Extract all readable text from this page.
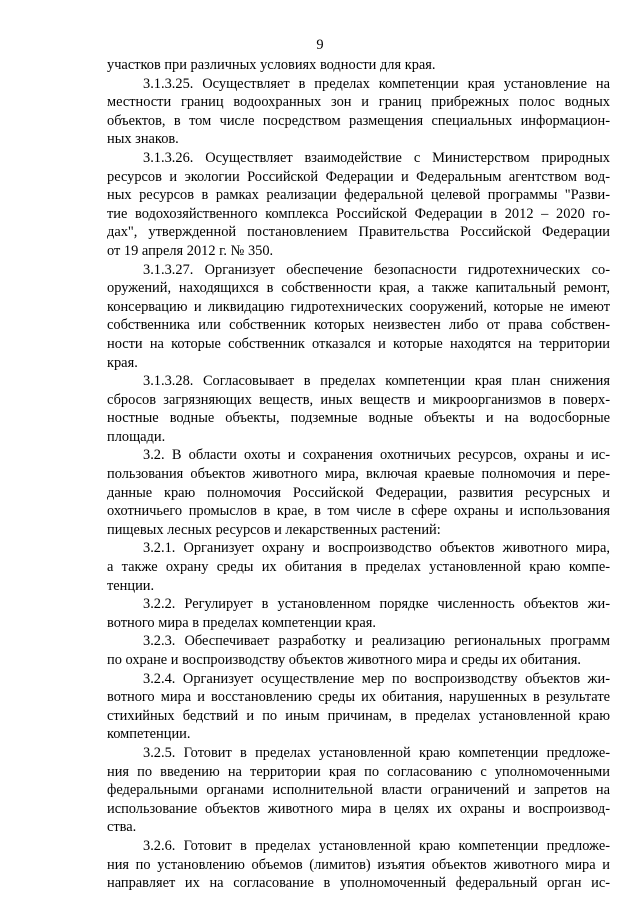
9
участков при различных условиях водности для края.
3.1.3.25. Осуществляет в пределах компетенции края установление на
местности границ водоохранных зон и границ прибрежных полос водных
объектов, в том числе посредством размещения специальных информацион-
ных знаков.
3.1.3.26. Осуществляет взаимодействие с Министерством природных
ресурсов и экологии Российской Федерации и Федеральным агентством вод-
ных ресурсов в рамках реализации федеральной целевой программы "Разви-
тие водохозяйственного комплекса Российской Федерации в 2012 – 2020 го-
дах", утвержденной постановлением Правительства Российской Федерации
от 19 апреля 2012 г. № 350.
3.1.3.27. Организует обеспечение безопасности гидротехнических со-
оружений, находящихся в собственности края, а также капитальный ремонт,
консервацию и ликвидацию гидротехнических сооружений, которые не имеют
собственника или собственник которых неизвестен либо от права собствен-
ности на которые собственник отказался и которые находятся на территории
края.
3.1.3.28. Согласовывает в пределах компетенции края план снижения
сбросов загрязняющих веществ, иных веществ и микроорганизмов в поверх-
ностные водные объекты, подземные водные объекты и на водосборные
площади.
3.2. В области охоты и сохранения охотничьих ресурсов, охраны и ис-
пользования объектов животного мира, включая краевые полномочия и пере-
данные краю полномочия Российской Федерации, развития ресурсных и
охотничьего промыслов в крае, в том числе в сфере охраны и использования
пищевых лесных ресурсов и лекарственных растений:
3.2.1. Организует охрану и воспроизводство объектов животного мира,
а также охрану среды их обитания в пределах установленной краю компе-
тенции.
3.2.2. Регулирует в установленном порядке численность объектов жи-
вотного мира в пределах компетенции края.
3.2.3. Обеспечивает разработку и реализацию региональных программ
по охране и воспроизводству объектов животного мира и среды их обитания.
3.2.4. Организует осуществление мер по воспроизводству объектов жи-
вотного мира и восстановлению среды их обитания, нарушенных в результате
стихийных бедствий и по иным причинам, в пределах установленной краю
компетенции.
3.2.5. Готовит в пределах установленной краю компетенции предложе-
ния по введению на территории края по согласованию с уполномоченными
федеральными органами исполнительной власти ограничений и запретов на
использование объектов животного мира в целях их охраны и воспроизвод-
ства.
3.2.6. Готовит в пределах установленной краю компетенции предложе-
ния по установлению объемов (лимитов) изъятия объектов животного мира и
направляет их на согласование в уполномоченный федеральный орган ис-
